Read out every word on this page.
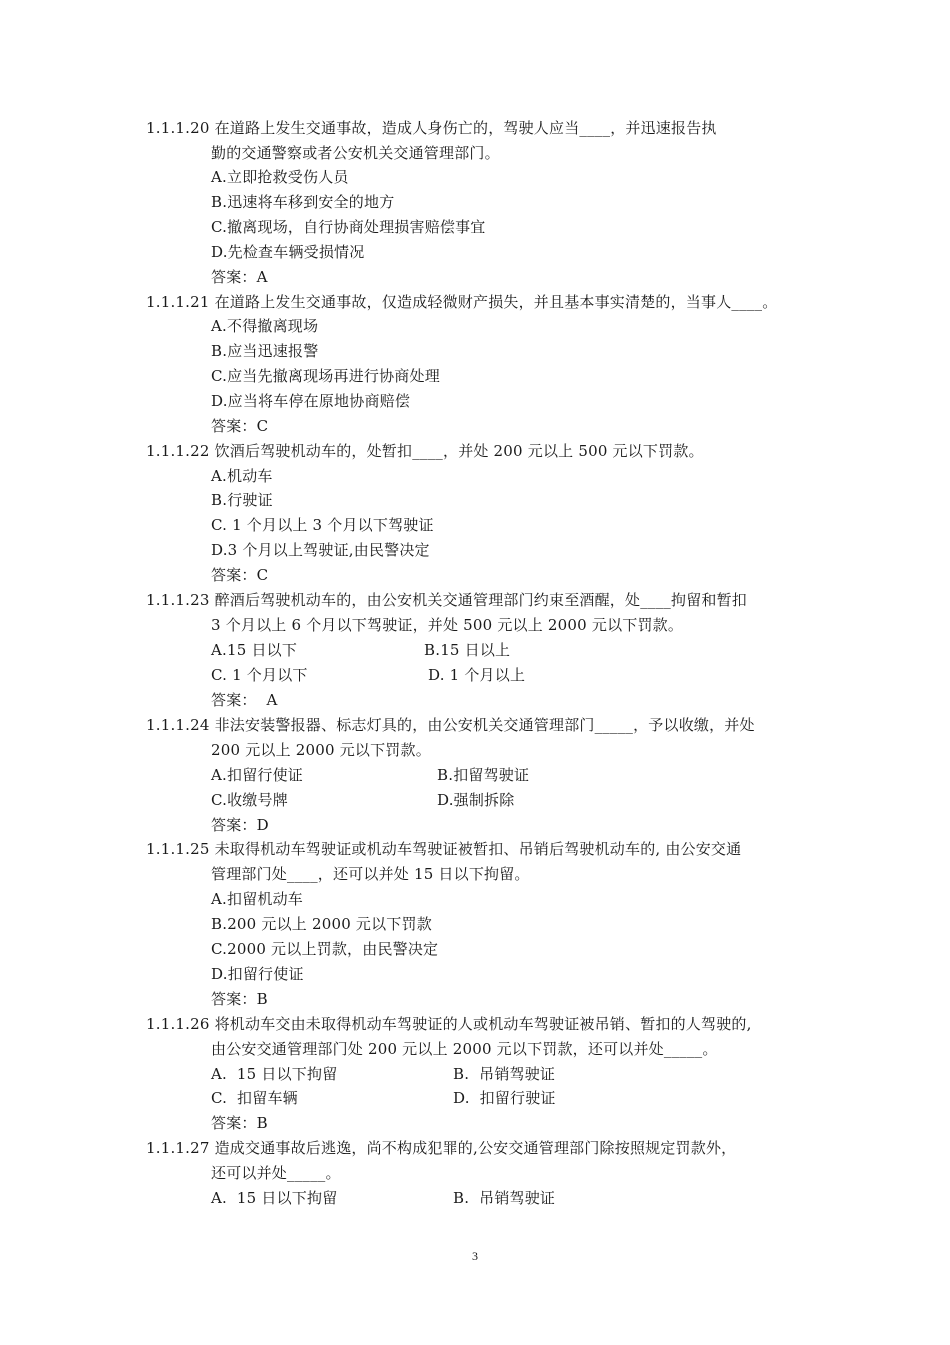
1.1.1.20 在道路上发生交通事故，造成人身伤亡的，驾驶人应当____，并迅速报告执
勤的交通警察或者公安机关交通管理部门。
A.立即抢救受伤人员
B.迅速将车移到安全的地方
C.撤离现场，自行协商处理损害赔偿事宜
D.先检查车辆受损情况
答案：A
1.1.1.21 在道路上发生交通事故，仅造成轻微财产损失，并且基本事实清楚的，当事人____。
A.不得撤离现场
B.应当迅速报警
C.应当先撤离现场再进行协商处理
D.应当将车停在原地协商赔偿
答案：C
1.1.1.22 饮酒后驾驶机动车的，处暂扣____，并处 200 元以上 500 元以下罚款。
A.机动车
B.行驶证
C. 1 个月以上 3 个月以下驾驶证
D.3 个月以上驾驶证,由民警决定
答案：C
1.1.1.23 醉酒后驾驶机动车的，由公安机关交通管理部门约束至酒醒，处____拘留和暂扣
3 个月以上 6 个月以下驾驶证，并处 500 元以上 2000 元以下罚款。
A.15 日以下	B.15 日以上
C. 1 个月以下	D. 1 个月以上
答案：  A
1.1.1.24 非法安装警报器、标志灯具的，由公安机关交通管理部门_____，予以收缴，并处
200 元以上 2000 元以下罚款。
A.扣留行使证	B.扣留驾驶证
C.收缴号牌	D.强制拆除
答案：D
1.1.1.25 未取得机动车驾驶证或机动车驾驶证被暂扣、吊销后驾驶机动车的, 由公安交通
管理部门处____，还可以并处 15 日以下拘留。
A.扣留机动车
B.200 元以上 2000 元以下罚款
C.2000 元以上罚款，由民警决定
D.扣留行使证
答案：B
1.1.1.26 将机动车交由未取得机动车驾驶证的人或机动车驾驶证被吊销、暂扣的人驾驶的,
由公安交通管理部门处 200 元以上 2000 元以下罚款，还可以并处_____。
A.  15 日以下拘留	B.  吊销驾驶证
C.  扣留车辆	D.  扣留行驶证
答案：B
1.1.1.27 造成交通事故后逃逸，尚不构成犯罪的,公安交通管理部门除按照规定罚款外，
还可以并处_____。
A.  15 日以下拘留	B.  吊销驾驶证
3
